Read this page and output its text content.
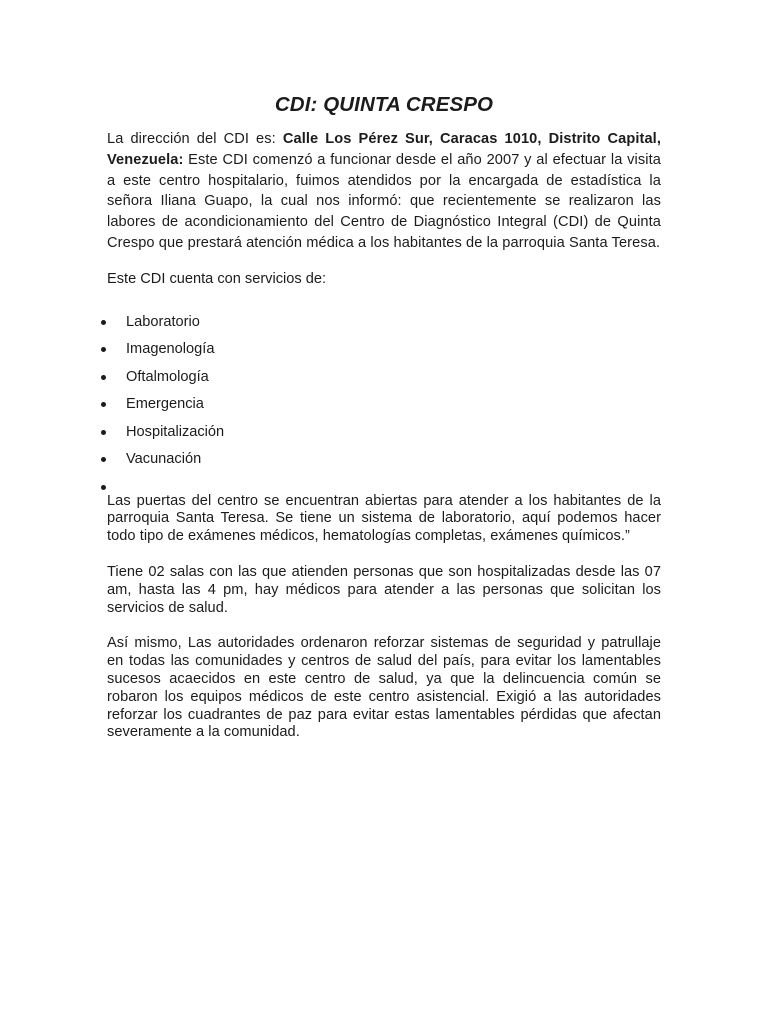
CDI: QUINTA CRESPO

La dirección del CDI es: Calle Los Pérez Sur, Caracas 1010, Distrito Capital, Venezuela: Este CDI comenzó a funcionar desde el año 2007 y al efectuar la visita a este centro hospitalario, fuimos atendidos por la encargada de estadística la señora Iliana Guapo, la cual nos informó: que recientemente se realizaron las labores de acondicionamiento del Centro de Diagnóstico Integral (CDI) de Quinta Crespo que prestará atención médica a los habitantes de la parroquia Santa Teresa.

Este CDI cuenta con servicios de:

Laboratorio
Imagenología
Oftalmología
Emergencia
Hospitalización
Vacunación

Las puertas del centro se encuentran abiertas para atender a los habitantes de la parroquia Santa Teresa. Se tiene un sistema de laboratorio, aquí podemos hacer todo tipo de exámenes médicos, hematologías completas, exámenes químicos.”

Tiene 02 salas con las que atienden personas que son hospitalizadas desde las 07 am, hasta las 4 pm, hay médicos para atender a las personas que solicitan los servicios de salud.

Así mismo, Las autoridades ordenaron reforzar sistemas de seguridad y patrullaje en todas las comunidades y centros de salud del país, para evitar los lamentables sucesos acaecidos en este centro de salud, ya que la delincuencia común se robaron los equipos médicos de este centro asistencial. Exigió a las autoridades reforzar los cuadrantes de paz para evitar estas lamentables pérdidas que afectan severamente a la comunidad.
